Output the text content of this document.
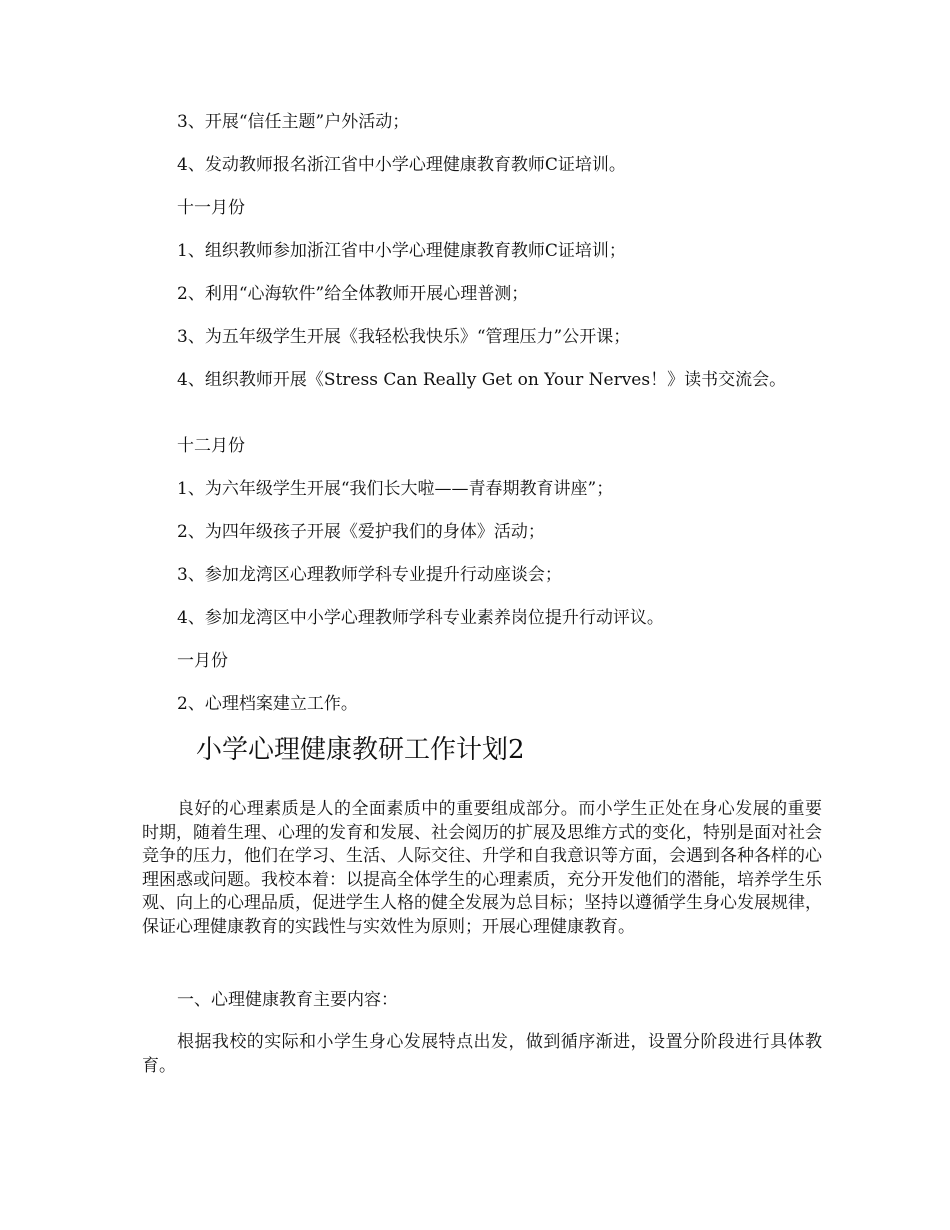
3、开展“信任主题”户外活动；
4、发动教师报名浙江省中小学心理健康教育教师C证培训。
十一月份
1、组织教师参加浙江省中小学心理健康教育教师C证培训；
2、利用“心海软件”给全体教师开展心理普测；
3、为五年级学生开展《我轻松我快乐》“管理压力”公开课；
4、组织教师开展《Stress Can Really Get on Your Nerves！》读书交流会。
十二月份
1、为六年级学生开展“我们长大啦——青春期教育讲座”；
2、为四年级孩子开展《爱护我们的身体》活动；
3、参加龙湾区心理教师学科专业提升行动座谈会；
4、参加龙湾区中小学心理教师学科专业素养岗位提升行动评议。
一月份
2、心理档案建立工作。
小学心理健康教研工作计划2
良好的心理素质是人的全面素质中的重要组成部分。而小学生正处在身心发展的重要时期，随着生理、心理的发育和发展、社会阅历的扩展及思维方式的变化，特别是面对社会竞争的压力，他们在学习、生活、人际交往、升学和自我意识等方面，会遇到各种各样的心理困惑或问题。我校本着：以提高全体学生的心理素质，充分开发他们的潜能，培养学生乐观、向上的心理品质，促进学生人格的健全发展为总目标；坚持以遵循学生身心发展规律，保证心理健康教育的实践性与实效性为原则；开展心理健康教育。
一、心理健康教育主要内容：
根据我校的实际和小学生身心发展特点出发，做到循序渐进，设置分阶段进行具体教育。
